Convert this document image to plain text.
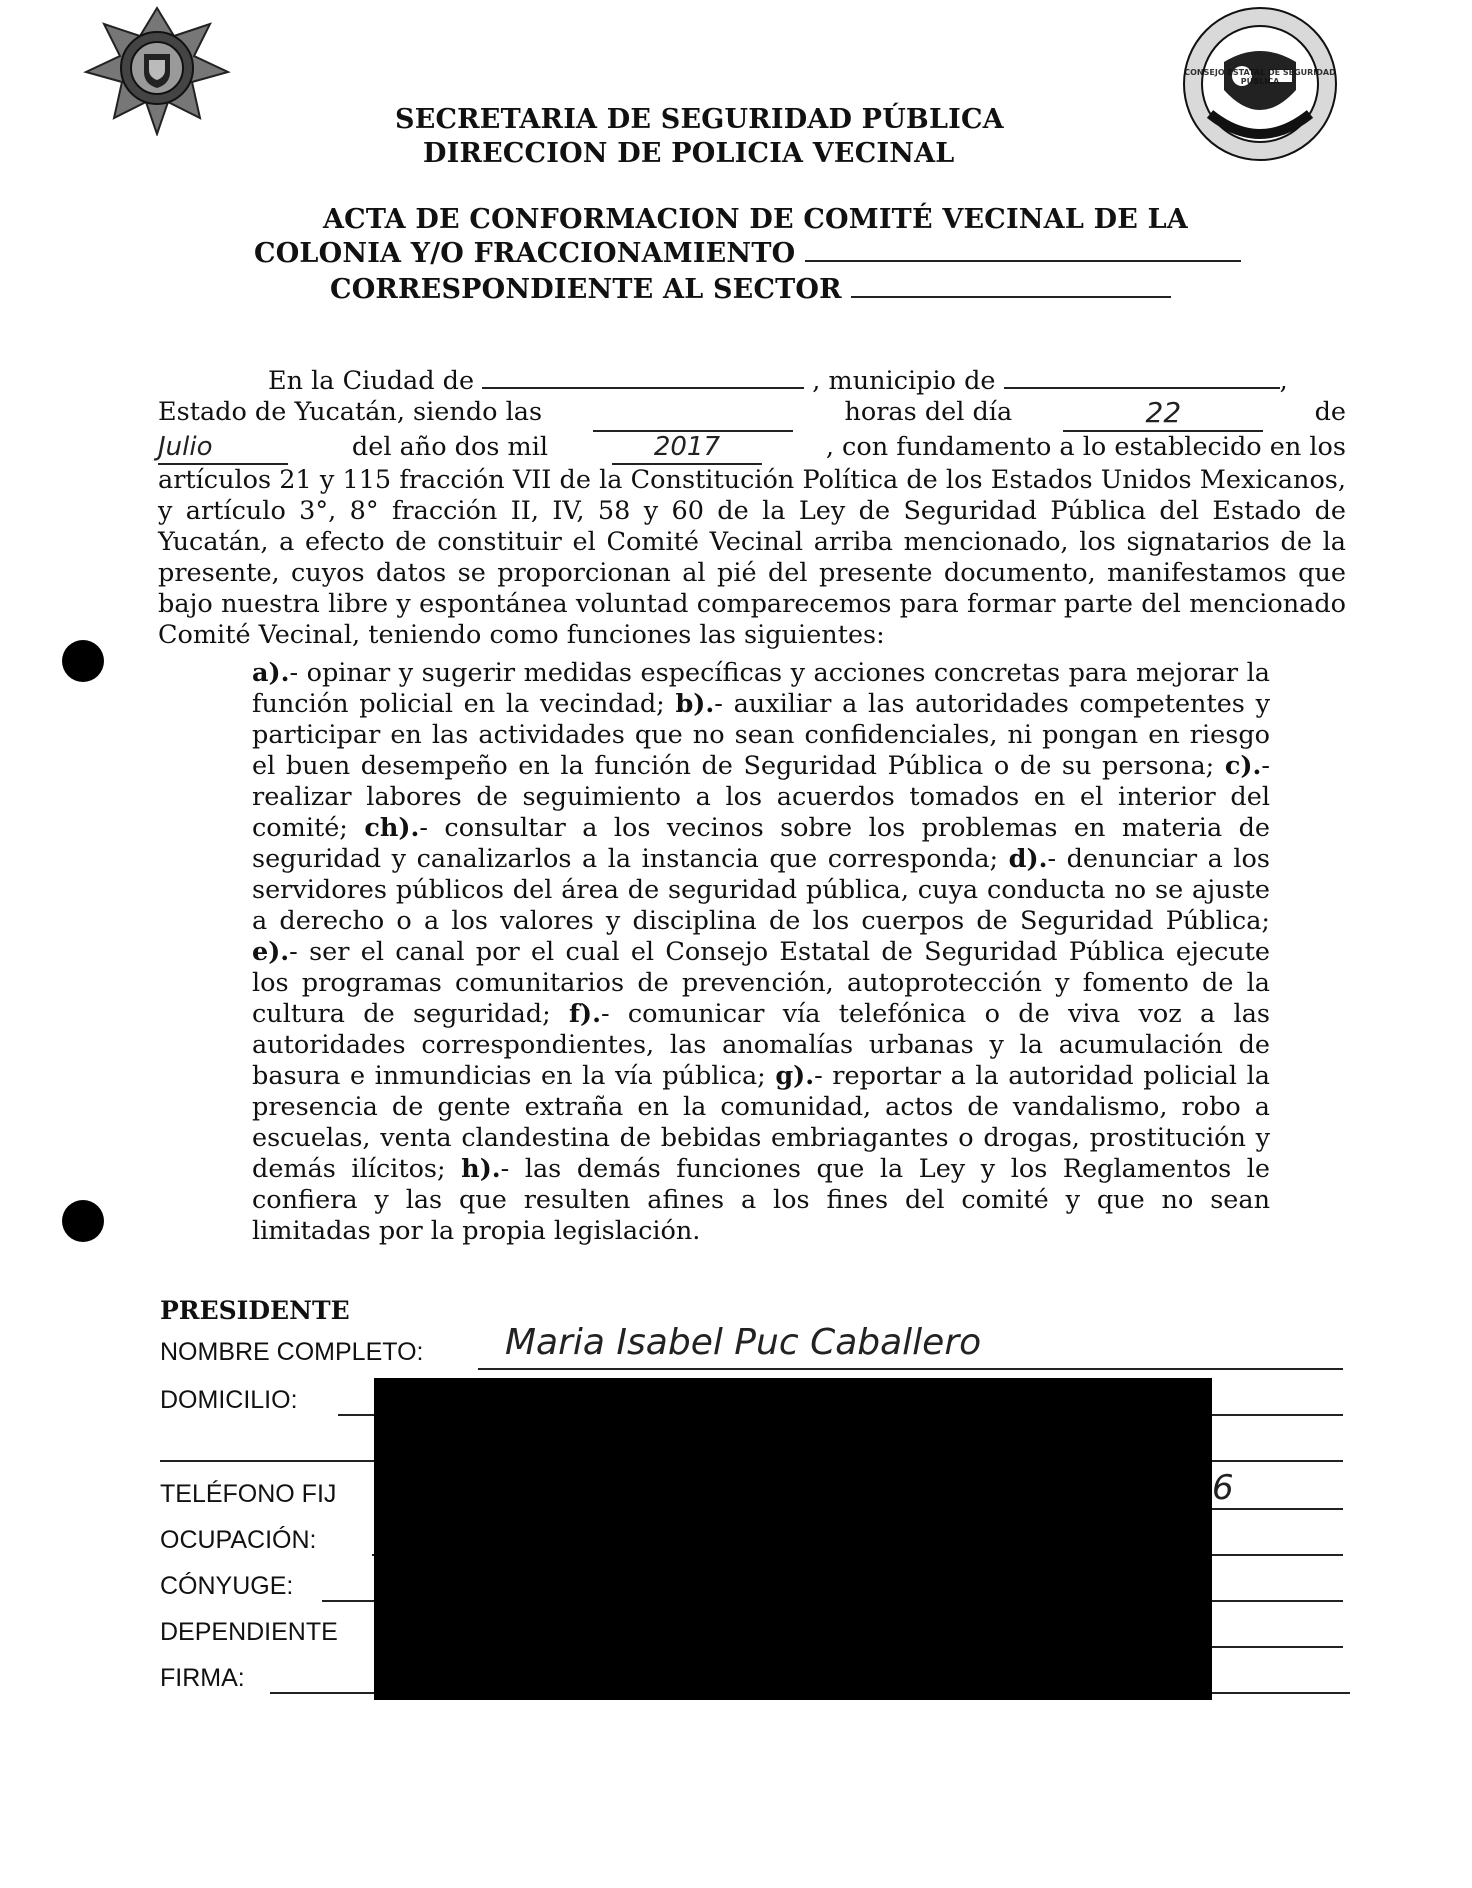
CONSEJO ESTATAL DE SEGURIDAD PÚBLICA
SECRETARIA DE SEGURIDAD PÚBLICA
DIRECCION DE POLICIA VECINAL
ACTA DE CONFORMACION DE COMITÉ VECINAL DE LA
COLONIA Y/O FRACCIONAMIENTO
CORRESPONDIENTE AL SECTOR
En la Ciudad de	, municipio de	,
Estado de Yucatán, siendo las	horas del día	22	de
Julio	del año dos mil	2017	, con fundamento a lo establecido en los
artículos 21 y 115 fracción VII de la Constitución Política de los Estados Unidos Mexicanos, y artículo 3°, 8° fracción II, IV, 58 y 60 de la Ley de Seguridad Pública del Estado de Yucatán, a efecto de constituir el Comité Vecinal arriba mencionado, los signatarios de la presente, cuyos datos se proporcionan al pié del presente documento, manifestamos que bajo nuestra libre y espontánea voluntad comparecemos para formar parte del mencionado Comité Vecinal, teniendo como funciones las siguientes:
a).- opinar y sugerir medidas específicas y acciones concretas para mejorar la función policial en la vecindad; b).- auxiliar a las autoridades competentes y participar en las actividades que no sean confidenciales, ni pongan en riesgo el buen desempeño en la función de Seguridad Pública o de su persona; c).- realizar labores de seguimiento a los acuerdos tomados en el interior del comité; ch).- consultar a los vecinos sobre los problemas en materia de seguridad y canalizarlos a la instancia que corresponda; d).- denunciar a los servidores públicos del área de seguridad pública, cuya conducta no se ajuste a derecho o a los valores y disciplina de los cuerpos de Seguridad Pública; e).- ser el canal por el cual el Consejo Estatal de Seguridad Pública ejecute los programas comunitarios de prevención, autoprotección y fomento de la cultura de seguridad; f).- comunicar vía telefónica o de viva voz a las autoridades correspondientes, las anomalías urbanas y la acumulación de basura e inmundicias en la vía pública; g).- reportar a la autoridad policial la presencia de gente extraña en la comunidad, actos de vandalismo, robo a escuelas, venta clandestina de bebidas embriagantes o drogas, prostitución y demás ilícitos; h).- las demás funciones que la Ley y los Reglamentos le confiera y las que resulten afines a los fines del comité y que no sean limitadas por la propia legislación.
PRESIDENTE
NOMBRE COMPLETO: Maria Isabel Puc Caballero
DOMICILIO:
TELÉFONO FIJ	6
OCUPACIÓN:
CÓNYUGE:
DEPENDIENTE
FIRMA:
